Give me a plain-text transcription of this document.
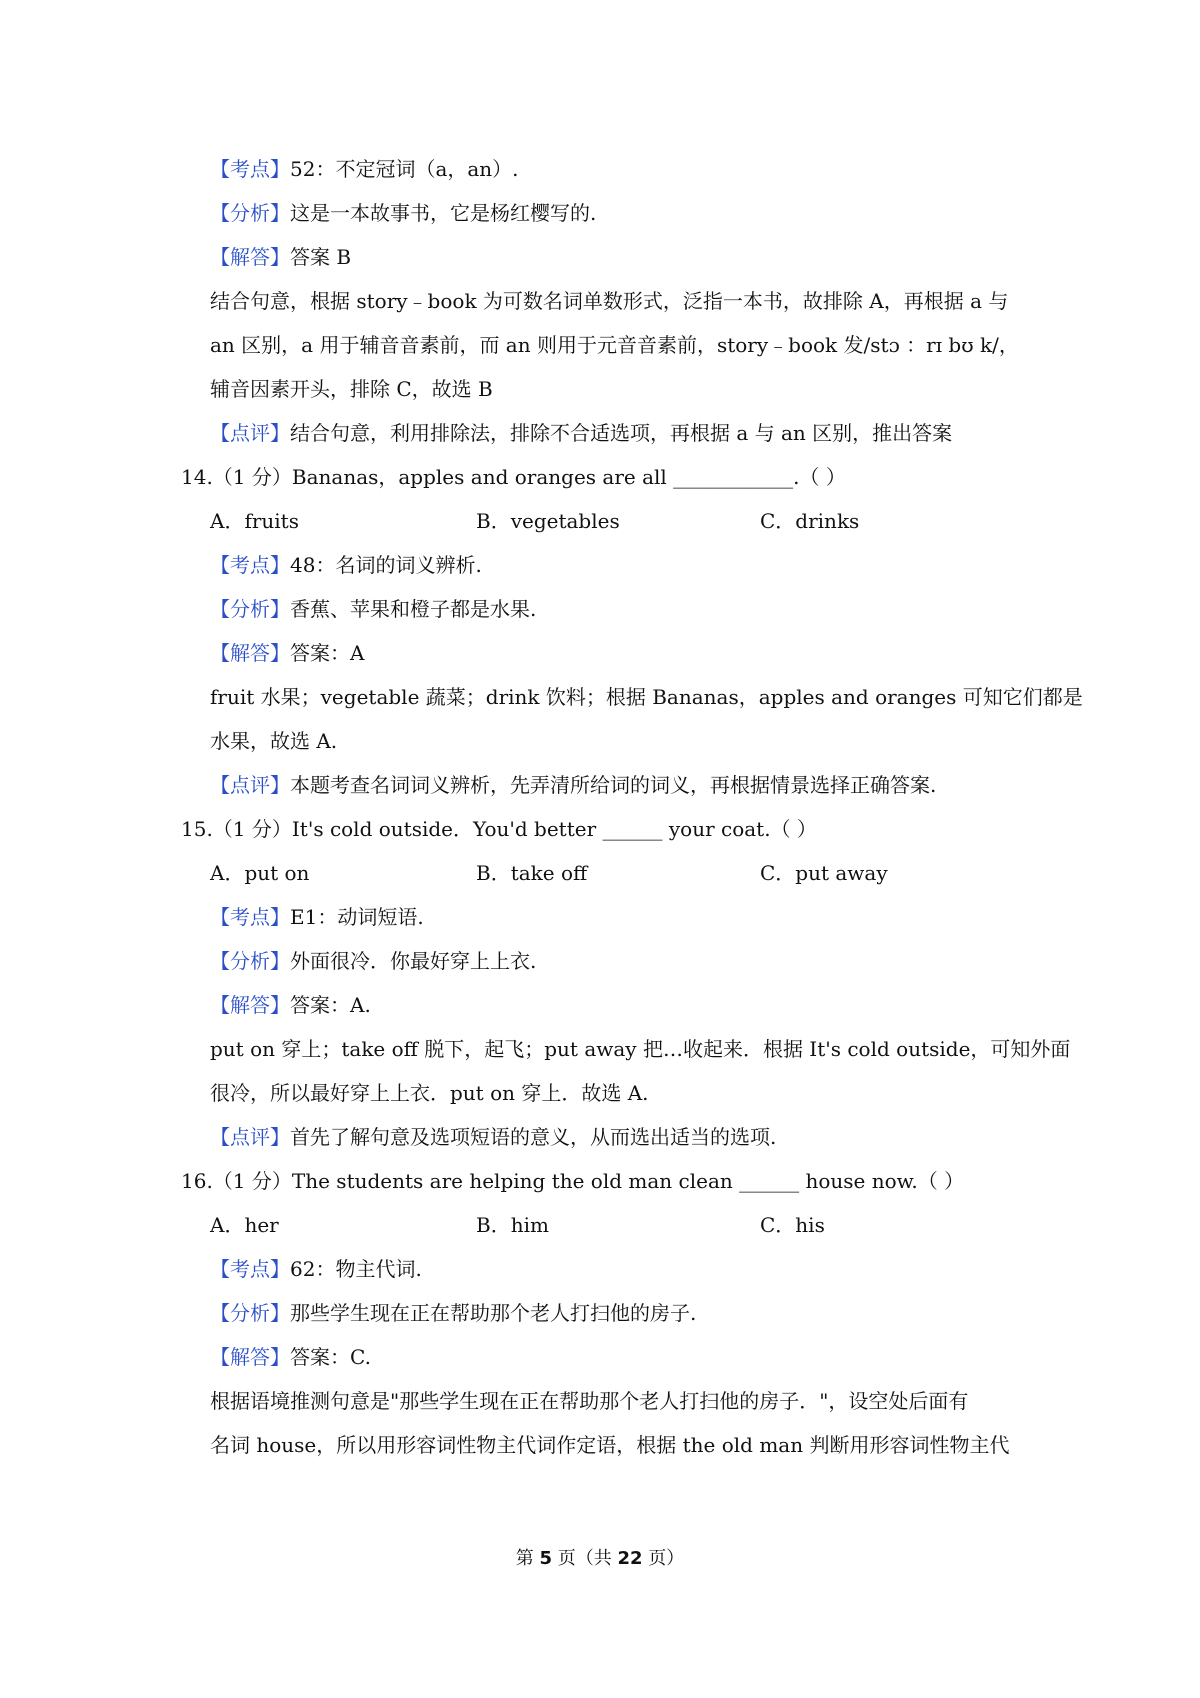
【考点】52：不定冠词（a，an）.
【分析】这是一本故事书，它是杨红樱写的.
【解答】答案 B
结合句意，根据 story﹣book 为可数名词单数形式，泛指一本书，故排除 A，再根据 a 与
an 区别，a 用于辅音音素前，而 an 则用于元音音素前，story﹣book 发/stɔ ：rɪ bʊ k/，
辅音因素开头，排除 C，故选 B
【点评】结合句意，利用排除法，排除不合适选项，再根据 a 与 an 区别，推出答案
14.（1 分）Bananas，apples and oranges are all ____________.（ ）
A．fruits	B．vegetables	C．drinks
【考点】48：名词的词义辨析.
【分析】香蕉、苹果和橙子都是水果.
【解答】答案：A
fruit 水果；vegetable 蔬菜；drink 饮料；根据 Bananas，apples and oranges 可知它们都是
水果，故选 A.
【点评】本题考查名词词义辨析，先弄清所给词的词义，再根据情景选择正确答案.
15.（1 分）It's cold outside．You'd better ______ your coat.（ ）
A．put on	B．take off	C．put away
【考点】E1：动词短语.
【分析】外面很冷．你最好穿上上衣.
【解答】答案：A.
put on 穿上；take off 脱下，起飞；put away 把…收起来．根据 It's cold outside，可知外面
很冷，所以最好穿上上衣．put on 穿上．故选 A.
【点评】首先了解句意及选项短语的意义，从而选出适当的选项.
16.（1 分）The students are helping the old man clean ______ house now.（ ）
A．her	B．him	C．his
【考点】62：物主代词.
【分析】那些学生现在正在帮助那个老人打扫他的房子.
【解答】答案：C.
根据语境推测句意是"那些学生现在正在帮助那个老人打扫他的房子．"，设空处后面有
名词 house，所以用形容词性物主代词作定语，根据 the old man 判断用形容词性物主代
第 5 页（共 22 页）
